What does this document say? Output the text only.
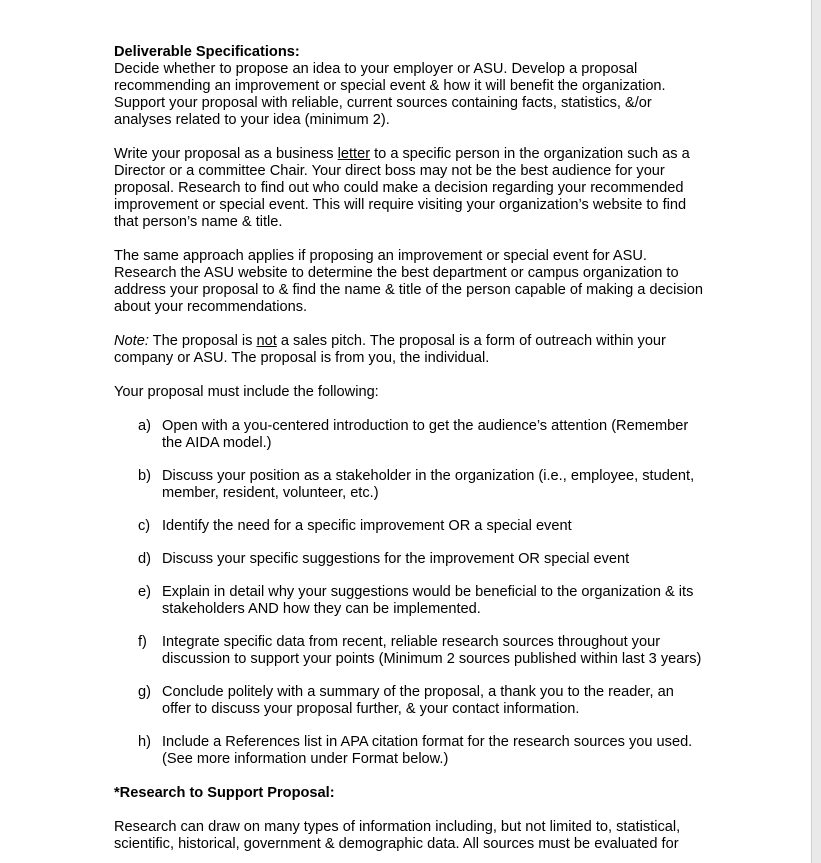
Deliverable Specifications:
Decide whether to propose an idea to your employer or ASU. Develop a proposal recommending an improvement or special event & how it will benefit the organization. Support your proposal with reliable, current sources containing facts, statistics, &/or analyses related to your idea (minimum 2).

Write your proposal as a business letter to a specific person in the organization such as a Director or a committee Chair. Your direct boss may not be the best audience for your proposal. Research to find out who could make a decision regarding your recommended improvement or special event. This will require visiting your organization’s website to find that person’s name & title.

The same approach applies if proposing an improvement or special event for ASU. Research the ASU website to determine the best department or campus organization to address your proposal to & find the name & title of the person capable of making a decision about your recommendations.

Note: The proposal is not a sales pitch. The proposal is a form of outreach within your company or ASU. The proposal is from you, the individual.

Your proposal must include the following:

a) Open with a you-centered introduction to get the audience’s attention (Remember the AIDA model.)
b) Discuss your position as a stakeholder in the organization (i.e., employee, student, member, resident, volunteer, etc.)
c) Identify the need for a specific improvement OR a special event
d) Discuss your specific suggestions for the improvement OR special event
e) Explain in detail why your suggestions would be beneficial to the organization & its stakeholders AND how they can be implemented.
f) Integrate specific data from recent, reliable research sources throughout your discussion to support your points (Minimum 2 sources published within last 3 years)
g) Conclude politely with a summary of the proposal, a thank you to the reader, an offer to discuss your proposal further, & your contact information.
h) Include a References list in APA citation format for the research sources you used. (See more information under Format below.)

*Research to Support Proposal:

Research can draw on many types of information including, but not limited to, statistical, scientific, historical, government & demographic data. All sources must be evaluated for
